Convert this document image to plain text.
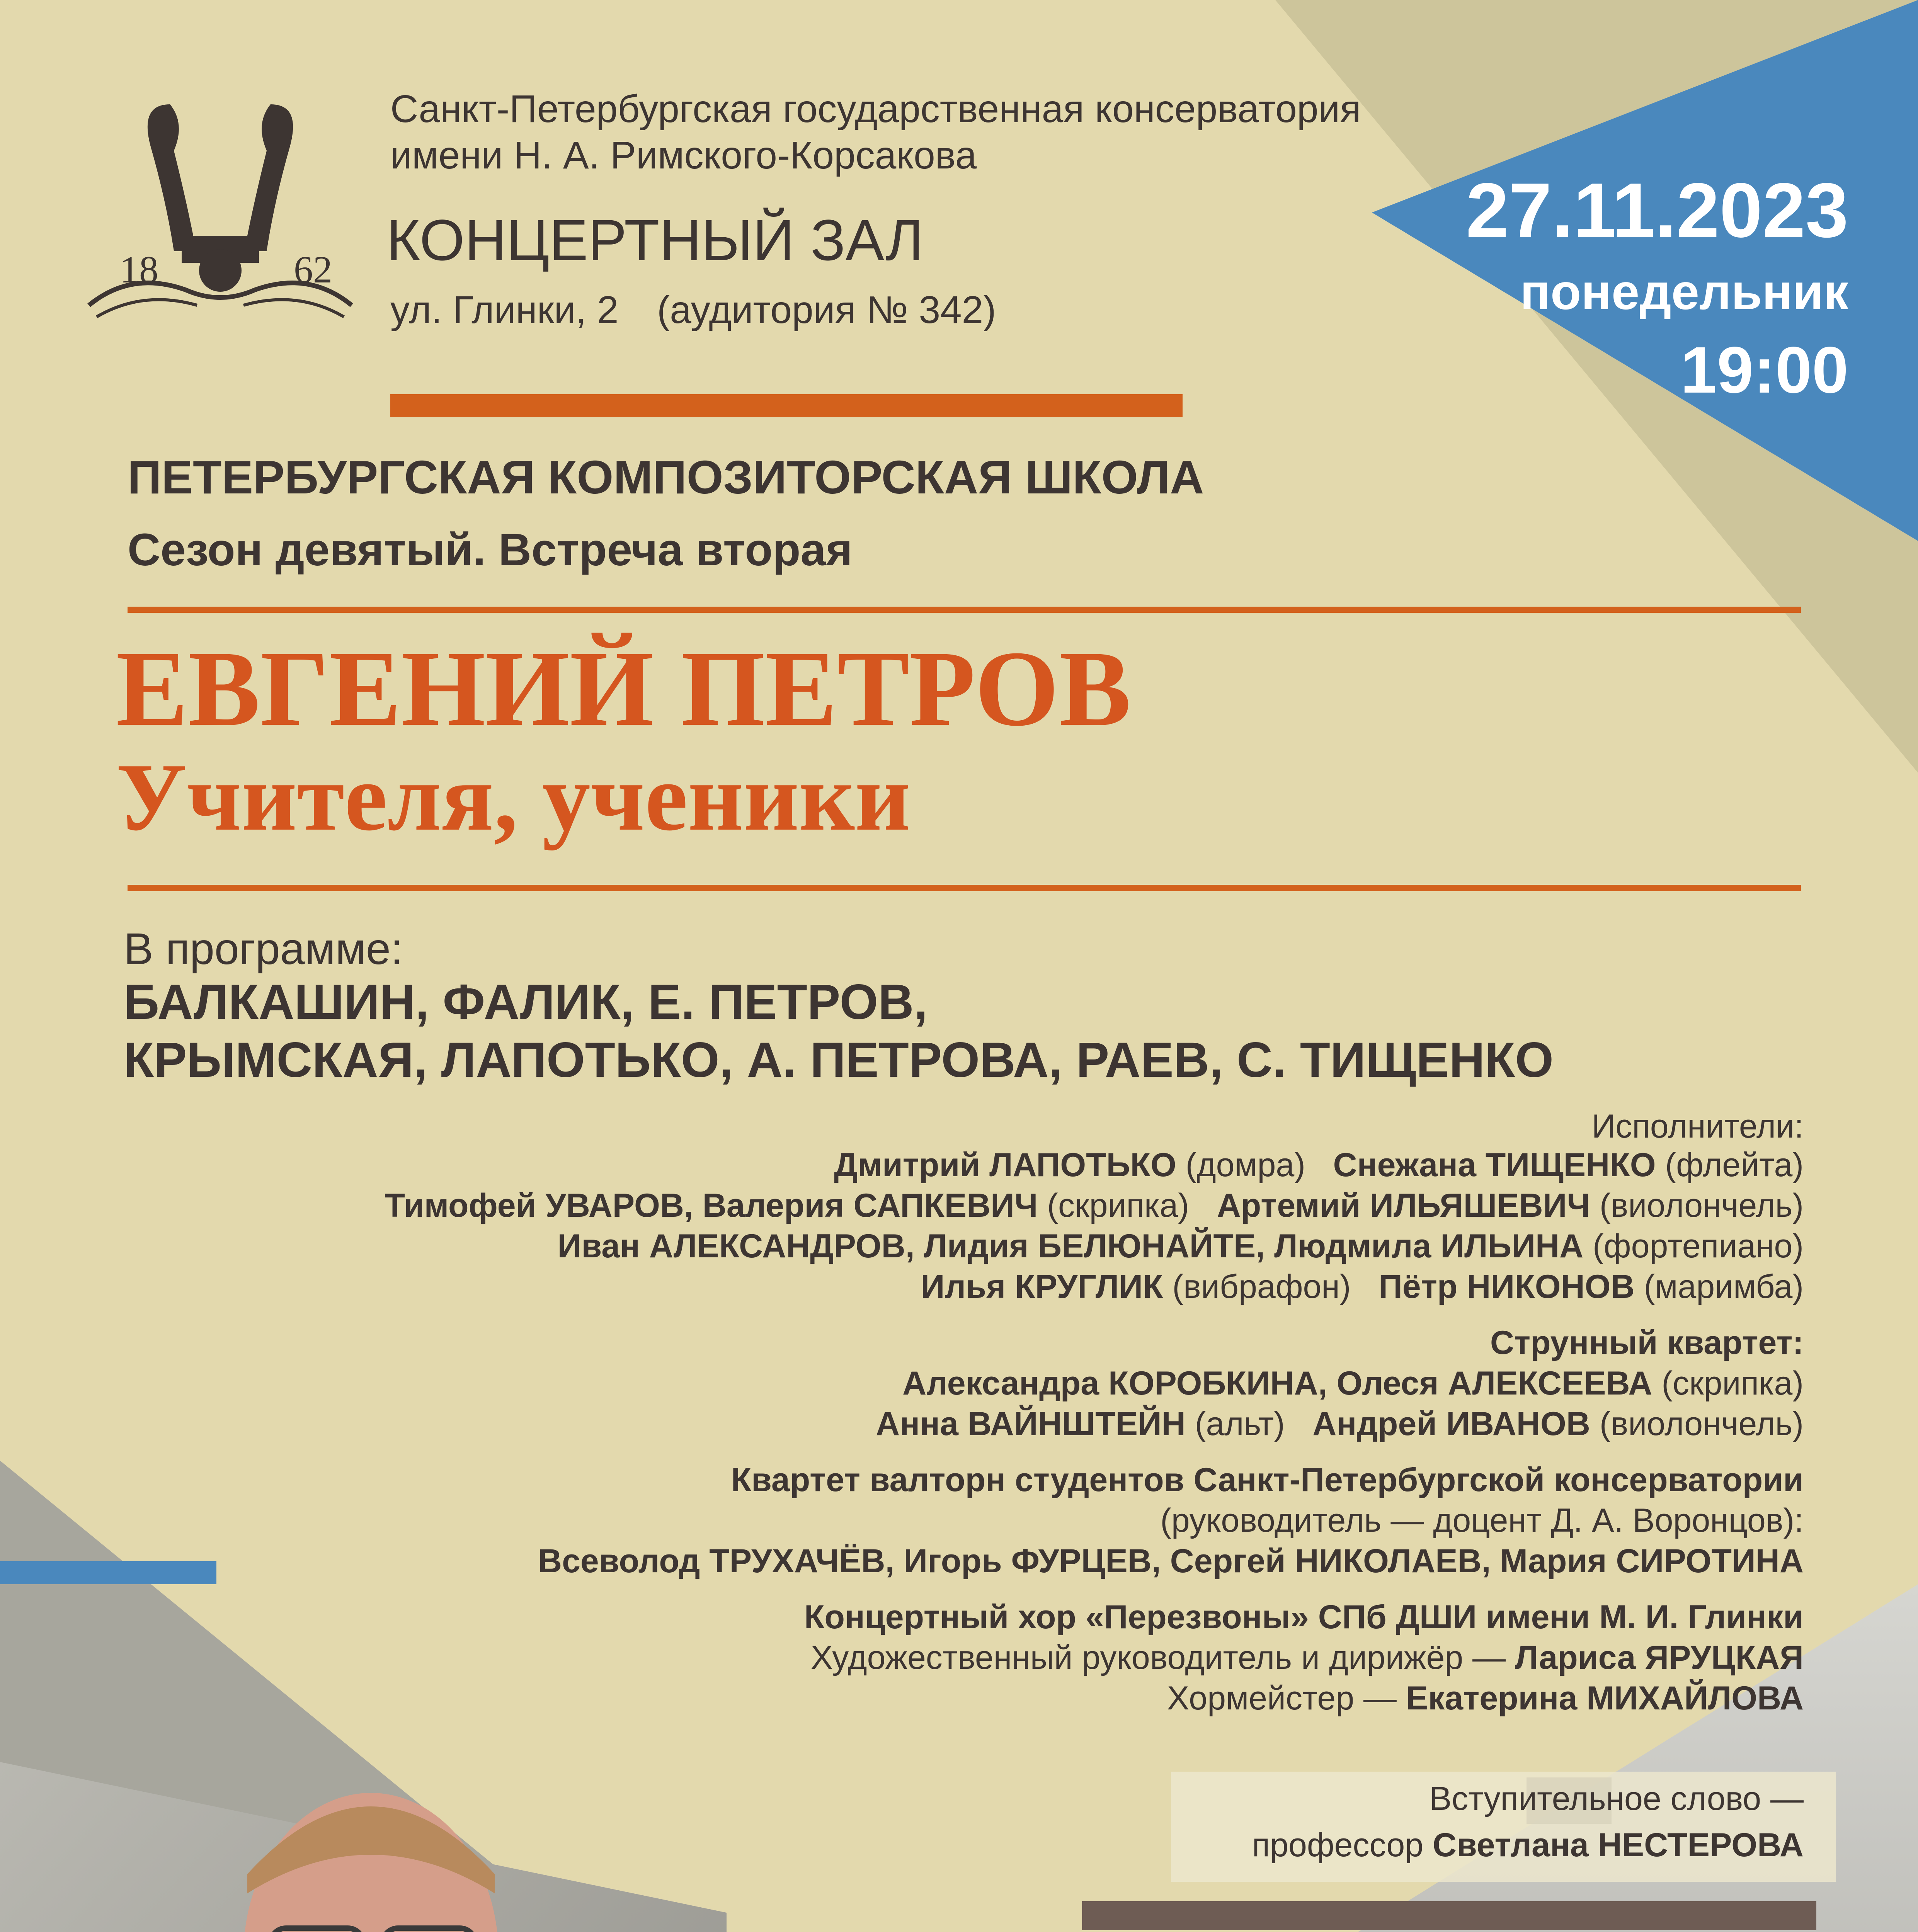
18	62
Санкт-Петербургская государственная консерватория
имени Н. А. Римского-Корсакова
КОНЦЕРТНЫЙ ЗАЛ
ул. Глинки, 2 (аудитория № 342)
27.11.2023
понедельник
19:00
ПЕТЕРБУРГСКАЯ КОМПОЗИТОРСКАЯ ШКОЛА
Сезон девятый. Встреча вторая
ЕВГЕНИЙ ПЕТРОВ
Учителя, ученики
В программе:
БАЛКАШИН, ФАЛИК, Е. ПЕТРОВ,
КРЫМСКАЯ, ЛАПОТЬКО, А. ПЕТРОВА, РАЕВ, С. ТИЩЕНКО
Исполнители:
Дмитрий ЛАПОТЬКО (домра) Снежана ТИЩЕНКО (флейта)
Тимофей УВАРОВ, Валерия САПКЕВИЧ (скрипка) Артемий ИЛЬЯШЕВИЧ (виолончель)
Иван АЛЕКСАНДРОВ, Лидия БЕЛЮНАЙТЕ, Людмила ИЛЬИНА (фортепиано)
Илья КРУГЛИК (вибрафон) Пётр НИКОНОВ (маримба)
Струнный квартет:
Александра КОРОБКИНА, Олеся АЛЕКСЕЕВА (скрипка)
Анна ВАЙНШТЕЙН (альт) Андрей ИВАНОВ (виолончель)
Квартет валторн студентов Санкт-Петербургской консерватории
(руководитель — доцент Д. А. Воронцов):
Всеволод ТРУХАЧЁВ, Игорь ФУРЦЕВ, Сергей НИКОЛАЕВ, Мария СИРОТИНА
Концертный хор «Перезвоны» СПб ДШИ имени М. И. Глинки
Художественный руководитель и дирижёр — Лариса ЯРУЦКАЯ
Хормейстер — Екатерина МИХАЙЛОВА
Вступительное слово —
профессор Светлана НЕСТЕРОВА
